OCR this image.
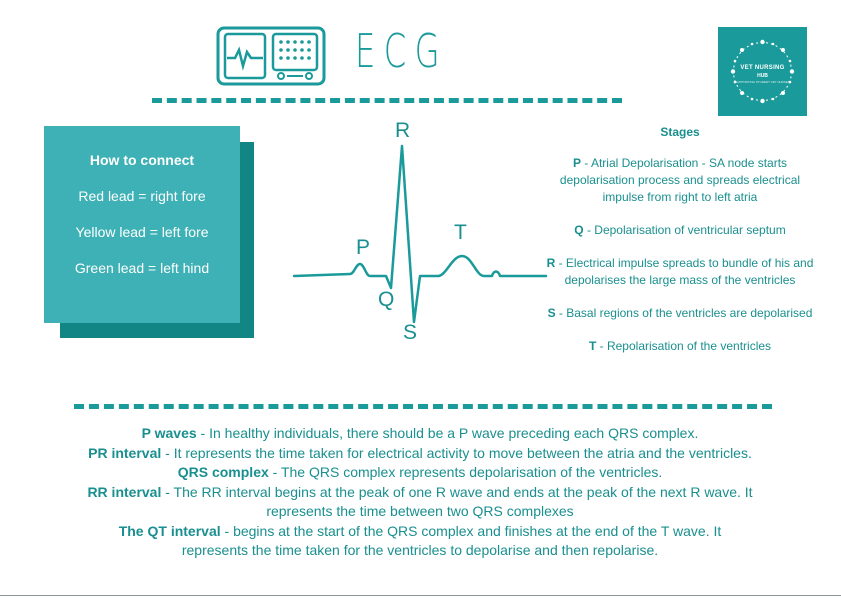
ECG	VET NURSING
HUB
SUPPORTING STUDENT VET NURSES
How to connect
Red lead = right fore
Yellow lead = left fore
Green lead = left hind
R
P
T
Q
S
Stages
P - Atrial Depolarisation - SA node starts depolarisation process and spreads electrical impulse from right to left atria
Q - Depolarisation of ventricular septum
R - Electrical impulse spreads to bundle of his and depolarises the large mass of the ventricles
S - Basal regions of the ventricles are depolarised
T - Repolarisation of the ventricles
P waves - In healthy individuals, there should be a P wave preceding each QRS complex.
PR interval - It represents the time taken for electrical activity to move between the atria and the ventricles.
QRS complex - The QRS complex represents depolarisation of the ventricles.
RR interval - The RR interval begins at the peak of one R wave and ends at the peak of the next R wave. It represents the time between two QRS complexes
The QT interval - begins at the start of the QRS complex and finishes at the end of the T wave. It represents the time taken for the ventricles to depolarise and then repolarise.
